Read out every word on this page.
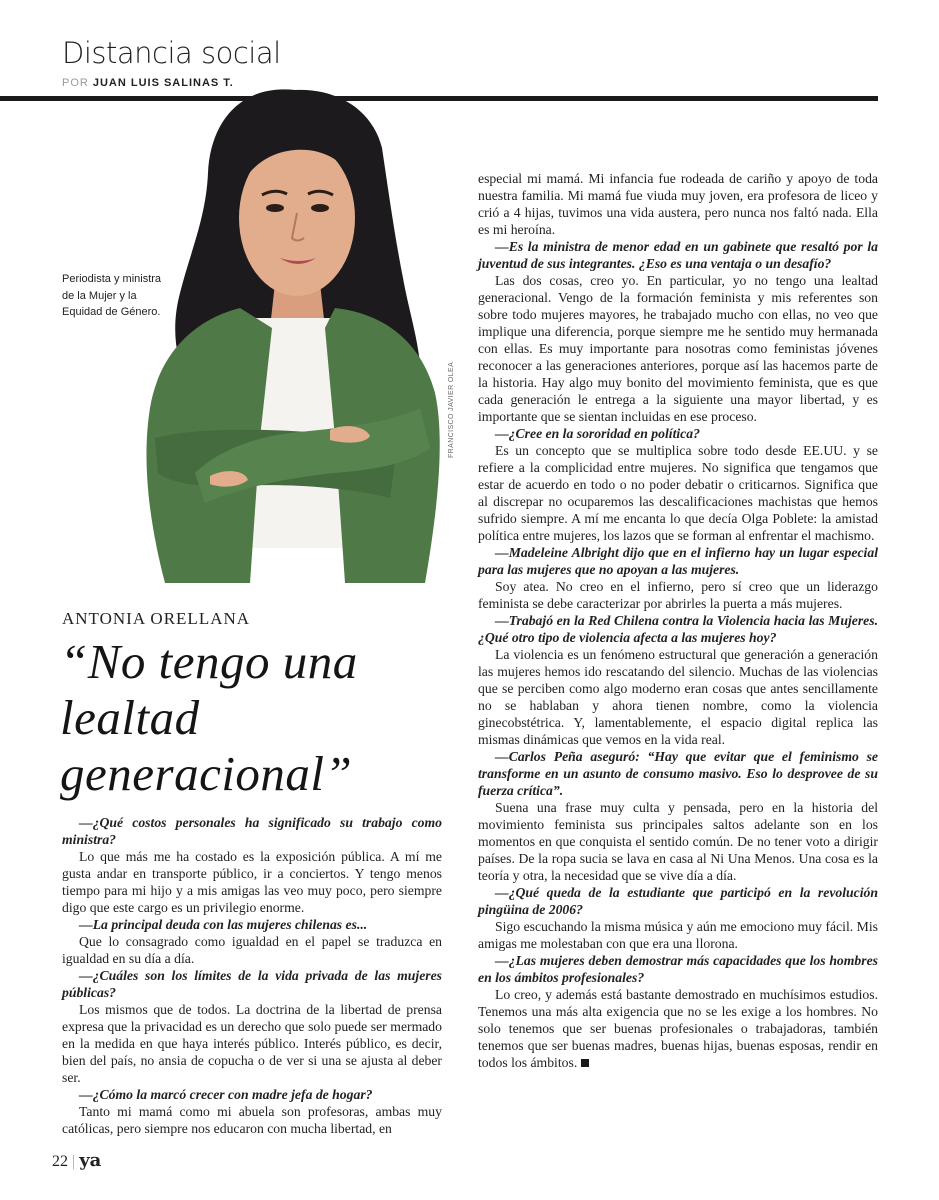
Distancia social
POR JUAN LUIS SALINAS T.
Periodista y ministra de la Mujer y la Equidad de Género.
FRANCISCO JAVIER OLEA
ANTONIA ORELLANA
“No tengo una lealtad generacional”

—¿Qué costos personales ha significado su trabajo como ministra?

Lo que más me ha costado es la exposición pública. A mí me gusta andar en transporte público, ir a conciertos. Y tengo menos tiempo para mi hijo y a mis amigas las veo muy poco, pero siempre digo que este cargo es un privilegio enorme.

—La principal deuda con las mujeres chilenas es...

Que lo consagrado como igualdad en el papel se traduzca en igualdad en su día a día.

—¿Cuáles son los límites de la vida privada de las mujeres públicas?

Los mismos que de todos. La doctrina de la libertad de prensa expresa que la privacidad es un derecho que solo puede ser mermado en la medida en que haya interés público. Interés público, es decir, bien del país, no ansia de copucha o de ver si una se ajusta al deber ser.

—¿Cómo la marcó crecer con madre jefa de hogar?

Tanto mi mamá como mi abuela son profesoras, ambas muy católicas, pero siempre nos educaron con mucha libertad, en

especial mi mamá. Mi infancia fue rodeada de cariño y apoyo de toda nuestra familia. Mi mamá fue viuda muy joven, era profesora de liceo y crió a 4 hijas, tuvimos una vida austera, pero nunca nos faltó nada. Ella es mi heroína.

—Es la ministra de menor edad en un gabinete que resaltó por la juventud de sus integrantes. ¿Eso es una ventaja o un desafío?

Las dos cosas, creo yo. En particular, yo no tengo una lealtad generacional. Vengo de la formación feminista y mis referentes son sobre todo mujeres mayores, he trabajado mucho con ellas, no veo que implique una diferencia, porque siempre me he sentido muy hermanada con ellas. Es muy importante para nosotras como feministas jóvenes reconocer a las generaciones anteriores, porque así las hacemos parte de la historia. Hay algo muy bonito del movimiento feminista, que es que cada generación le entrega a la siguiente una mayor libertad, y es importante que se sientan incluidas en ese proceso.

—¿Cree en la sororidad en política?

Es un concepto que se multiplica sobre todo desde EE.UU. y se refiere a la complicidad entre mujeres. No significa que tengamos que estar de acuerdo en todo o no poder debatir o criticarnos. Significa que al discrepar no ocuparemos las descalificaciones machistas que hemos sufrido siempre. A mí me encanta lo que decía Olga Poblete: la amistad política entre mujeres, los lazos que se forman al enfrentar el machismo.

—Madeleine Albright dijo que en el infierno hay un lugar especial para las mujeres que no apoyan a las mujeres.

Soy atea. No creo en el infierno, pero sí creo que un liderazgo feminista se debe caracterizar por abrirles la puerta a más mujeres.

—Trabajó en la Red Chilena contra la Violencia hacia las Mujeres. ¿Qué otro tipo de violencia afecta a las mujeres hoy?

La violencia es un fenómeno estructural que generación a generación las mujeres hemos ido rescatando del silencio. Muchas de las violencias que se perciben como algo moderno eran cosas que antes sencillamente no se hablaban y ahora tienen nombre, como la violencia ginecobstétrica. Y, lamentablemente, el espacio digital replica las mismas dinámicas que vemos en la vida real.

—Carlos Peña aseguró: “Hay que evitar que el feminismo se transforme en un asunto de consumo masivo. Eso lo desprovee de su fuerza crítica”.

Suena una frase muy culta y pensada, pero en la historia del movimiento feminista sus principales saltos adelante son en los momentos en que conquista el sentido común. De no tener voto a dirigir países. De la ropa sucia se lava en casa al Ni Una Menos. Una cosa es la teoría y otra, la necesidad que se vive día a día.

—¿Qué queda de la estudiante que participó en la revolución pingüina de 2006?

Sigo escuchando la misma música y aún me emociono muy fácil. Mis amigas me molestaban con que era una llorona.

—¿Las mujeres deben demostrar más capacidades que los hombres en los ámbitos profesionales?

Lo creo, y además está bastante demostrado en muchísimos estudios. Tenemos una más alta exigencia que no se les exige a los hombres. No solo tenemos que ser buenas profesionales o trabajadoras, también tenemos que ser buenas madres, buenas hijas, buenas esposas, rendir en todos los ámbitos.

22 | ya
